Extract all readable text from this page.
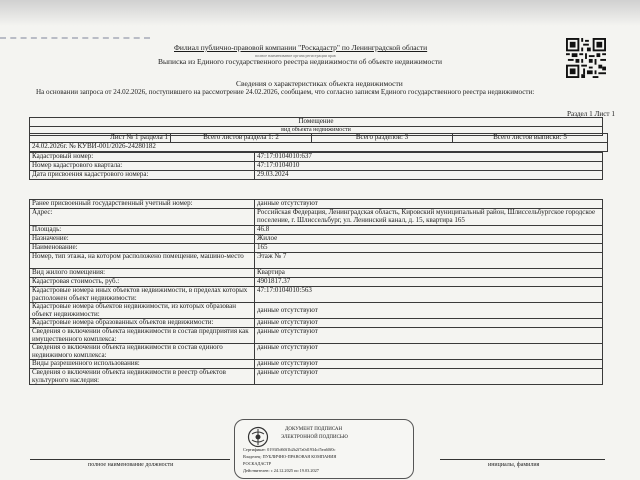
Филиал публично-правовой компании "Роскадастр" по Ленинградской области
полное наименование органа регистрации прав
Выписка из Единого государственного реестра недвижимости об объекте недвижимости
Сведения о характеристиках объекта недвижимости
На основании запроса от 24.02.2026, поступившего на рассмотрение 24.02.2026, сообщаем, что согласно записям Единого государственного реестра недвижимости:
Раздел 1 Лист 1
Помещение
вид объекта недвижимости
Лист № 1 раздела 1	Всего листов раздела 1: 2	Всего разделов: 3	Всего листов выписки: 5
24.02.2026г. № КУВИ-001/2026-24280182
Кадастровый номер:	47:17:0104010:637
Номер кадастрового квартала:	47:17:0104010
Дата присвоения кадастрового номера:	29.03.2024
Ранее присвоенный государственный учетный номер:	данные отсутствуют
Адрес:	Российская Федерация, Ленинградская область, Кировский муниципальный район, Шлиссельбургское городское поселение, г. Шлиссельбург, ул. Ленинский канал, д. 15, квартира 165
Площадь:	46.8
Назначение:	Жилое
Наименование:	165
Номер, тип этажа, на котором расположено помещение, машино-место	Этаж № 7
Вид жилого помещения:	Квартира
Кадастровая стоимость, руб.:	4901817.37
Кадастровые номера иных объектов недвижимости, в пределах которых расположен объект недвижимости:	47:17:0104010:563
Кадастровые номера объектов недвижимости, из которых образован объект недвижимости:	данные отсутствуют
Кадастровые номера образованных объектов недвижимости:	данные отсутствуют
Сведения о включении объекта недвижимости в состав предприятия как имущественного комплекса:	данные отсутствуют
Сведения о включении объекта недвижимости в состав единого недвижимого комплекса:	данные отсутствуют
Виды разрешенного использования:	данные отсутствуют
Сведения о включении объекта недвижимости в реестр объектов культурного наследия:	данные отсутствуют
ДОКУМЕНТ ПОДПИСАН
ЭЛЕКТРОННОЙ ПОДПИСЬЮ
Сертификат: 0193f5d60f1b2b2f7a0d1934cf5ea60f0c
Владелец: ПУБЛИЧНО-ПРАВОВАЯ КОМПАНИЯ
РОСКАДАСТР
Действителен: с 24.12.2025 по 19.03.2027
полное наименование должности	инициалы, фамилия
